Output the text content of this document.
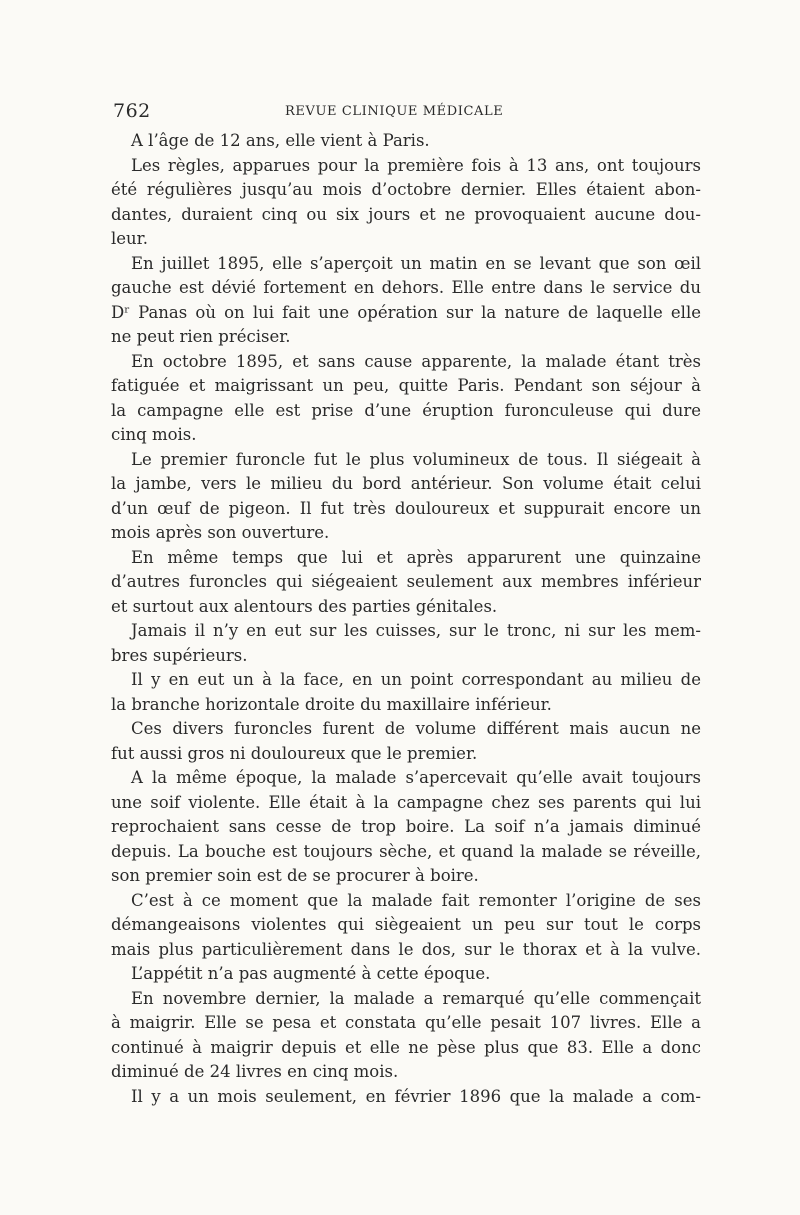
762	REVUE CLINIQUE MÉDICALE
A l’âge de 12 ans, elle vient à Paris.
Les règles, apparues pour la première fois à 13 ans, ont toujours
été régulières jusqu’au mois d’octobre dernier. Elles étaient abon-
dantes, duraient cinq ou six jours et ne provoquaient aucune dou-
leur.
En juillet 1895, elle s’aperçoit un matin en se levant que son œil
gauche est dévié fortement en dehors. Elle entre dans le service du
Dʳ Panas où on lui fait une opération sur la nature de laquelle elle
ne peut rien préciser.
En octobre 1895, et sans cause apparente, la malade étant très
fatiguée et maigrissant un peu, quitte Paris. Pendant son séjour à
la campagne elle est prise d’une éruption furonculeuse qui dure
cinq mois.
Le premier furoncle fut le plus volumineux de tous. Il siégeait à
la jambe, vers le milieu du bord antérieur. Son volume était celui
d’un œuf de pigeon. Il fut très douloureux et suppurait encore un
mois après son ouverture.
En même temps que lui et après apparurent une quinzaine
d’autres furoncles qui siégeaient seulement aux membres inférieur
et surtout aux alentours des parties génitales.
Jamais il n’y en eut sur les cuisses, sur le tronc, ni sur les mem-
bres supérieurs.
Il y en eut un à la face, en un point correspondant au milieu de
la branche horizontale droite du maxillaire inférieur.
Ces divers furoncles furent de volume différent mais aucun ne
fut aussi gros ni douloureux que le premier.
A la même époque, la malade s’apercevait qu’elle avait toujours
une soif violente. Elle était à la campagne chez ses parents qui lui
reprochaient sans cesse de trop boire. La soif n’a jamais diminué
depuis. La bouche est toujours sèche, et quand la malade se réveille,
son premier soin est de se procurer à boire.
C’est à ce moment que la malade fait remonter l’origine de ses
démangeaisons violentes qui siègeaient un peu sur tout le corps
mais plus particulièrement dans le dos, sur le thorax et à la vulve.
L’appétit n’a pas augmenté à cette époque.
En novembre dernier, la malade a remarqué qu’elle commençait
à maigrir. Elle se pesa et constata qu’elle pesait 107 livres. Elle a
continué à maigrir depuis et elle ne pèse plus que 83. Elle a donc
diminué de 24 livres en cinq mois.
Il y a un mois seulement, en février 1896 que la malade a com-
